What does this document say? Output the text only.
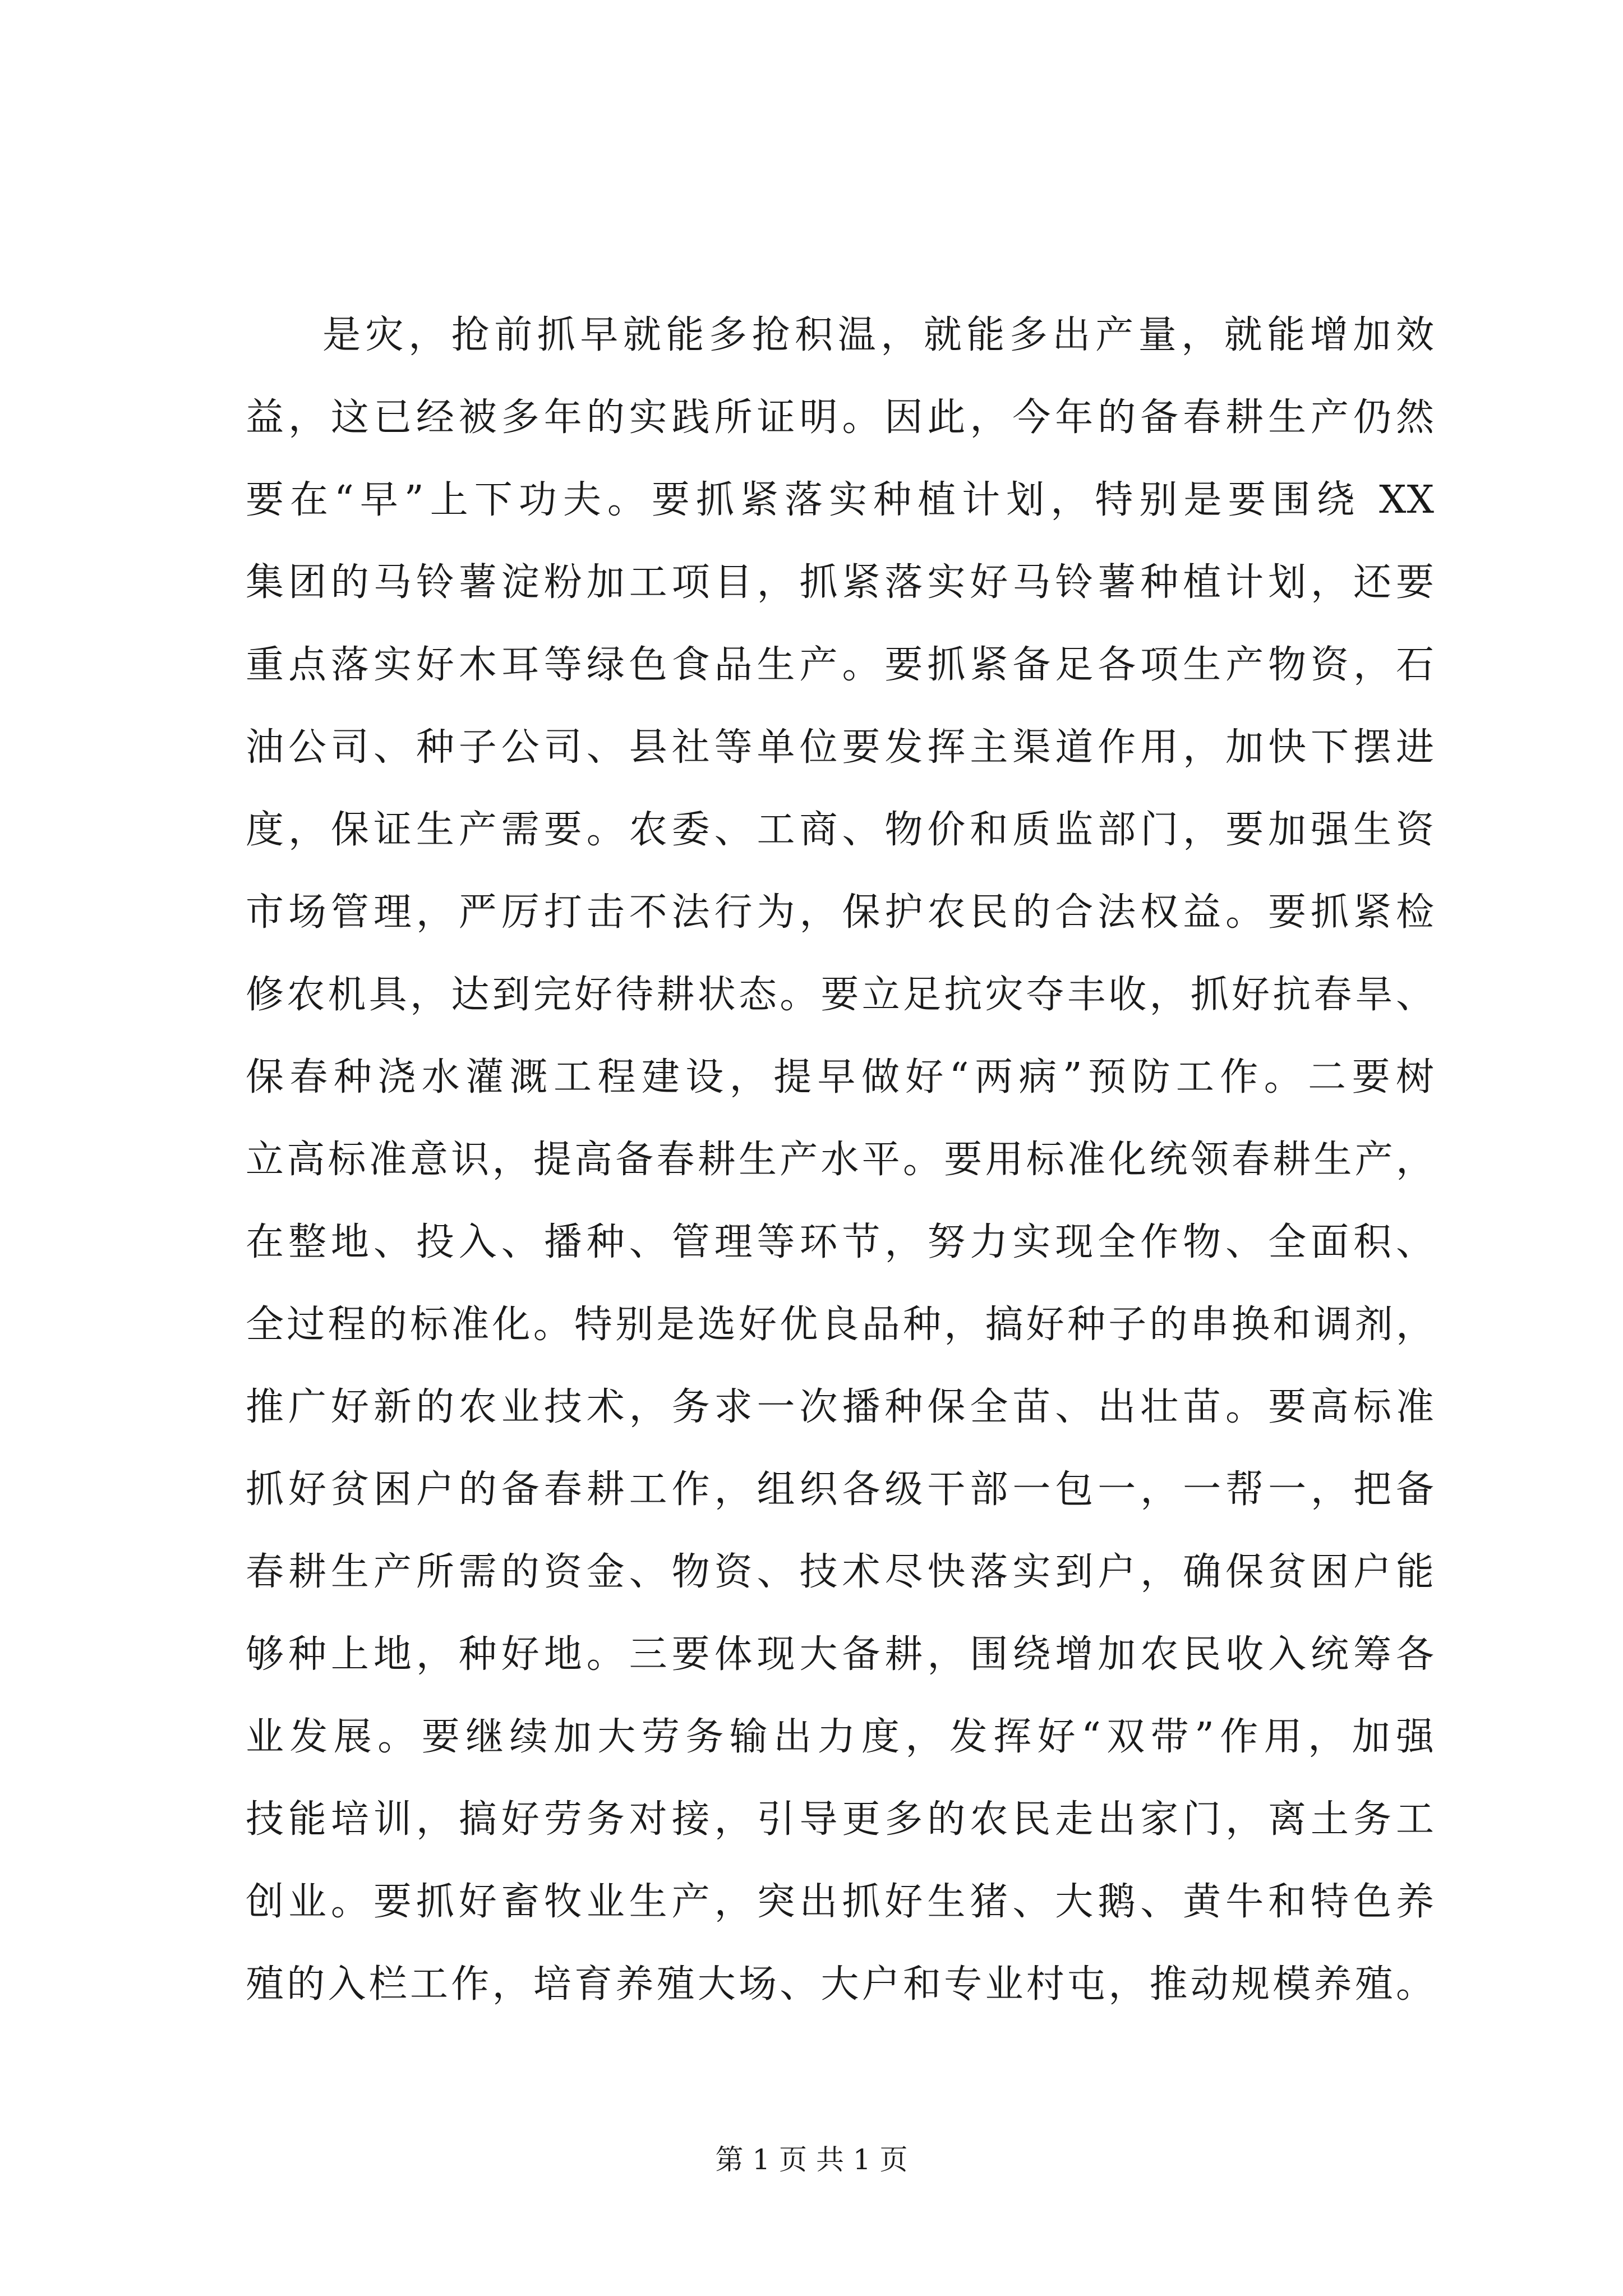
是灾，抢前抓早就能多抢积温，就能多出产量，就能增加效
益，这已经被多年的实践所证明。因此，今年的备春耕生产仍然
要在“早”上下功夫。要抓紧落实种植计划，特别是要围绕 XX
集团的马铃薯淀粉加工项目，抓紧落实好马铃薯种植计划，还要
重点落实好木耳等绿色食品生产。要抓紧备足各项生产物资，石
油公司、种子公司、县社等单位要发挥主渠道作用，加快下摆进
度，保证生产需要。农委、工商、物价和质监部门，要加强生资
市场管理，严厉打击不法行为，保护农民的合法权益。要抓紧检
修农机具，达到完好待耕状态。要立足抗灾夺丰收，抓好抗春旱、
保春种浇水灌溉工程建设，提早做好“两病”预防工作。二要树
立高标准意识，提高备春耕生产水平。要用标准化统领春耕生产，
在整地、投入、播种、管理等环节，努力实现全作物、全面积、
全过程的标准化。特别是选好优良品种，搞好种子的串换和调剂，
推广好新的农业技术，务求一次播种保全苗、出壮苗。要高标准
抓好贫困户的备春耕工作，组织各级干部一包一，一帮一，把备
春耕生产所需的资金、物资、技术尽快落实到户，确保贫困户能
够种上地，种好地。三要体现大备耕，围绕增加农民收入统筹各
业发展。要继续加大劳务输出力度，发挥好“双带”作用，加强
技能培训，搞好劳务对接，引导更多的农民走出家门，离土务工
创业。要抓好畜牧业生产，突出抓好生猪、大鹅、黄牛和特色养
殖的入栏工作，培育养殖大场、大户和专业村屯，推动规模养殖。
第 1 页 共 1 页
